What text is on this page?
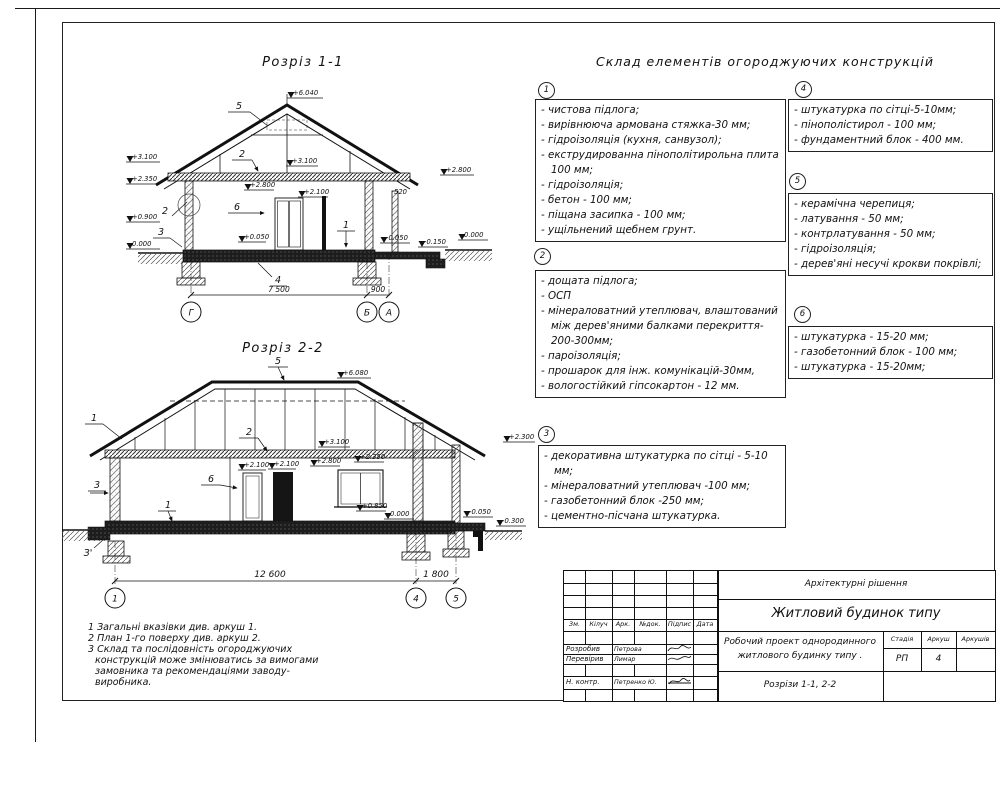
Розріз 1-1
+6.040
+3.100
+2.350
+0.900
0.000
+2.800
-0.050 -0.150
0.000
+3.100
+2.800
+2.100
+0.050
520
5
2
2
3
6
1
4
7 500	900
Г	Б А
Розріз 2-2
+6.080
+2.300
+3.100
+2.800	+2.350
+2.100 +2.100
+0.850
0.000	-0.050
-0.300
5
1
2
3
6
1
З'
12 600	1 800
1	4	5
Склад елементів огороджуючих конструкцій
1
- чистова підлога;
- вирівнююча армована стяжка-30 мм;
- гідроізоляція (кухня, санвузол);
- екструдированна пінополітирольна плита 100 мм;
- гідроізоляція;
- бетон - 100 мм;
- піщана засипка - 100 мм;
- ущільнений щебнем грунт.
2
- дощата підлога;
- ОСП
- мінераловатний утеплювач, влаштований між дерев'яними балками перекриття- 200-300мм;
- пароізоляція;
- прошарок для інж. комунікацій-30мм,
- вологостійкий гіпсокартон - 12 мм.
3
- декоративна штукатурка по сітці - 5-10 мм;
- мінераловатний утеплювач -100 мм;
- газобетонний блок -250 мм;
- цементно-пісчана штукатурка.
4
- штукатурка по сітці-5-10мм;
- пінополістирол - 100 мм;
- фундаментний блок - 400 мм.
5
- керамічна черепиця;
- латування - 50 мм;
- контрлатування - 50 мм;
- гідроізоляція;
- дерев'яні несучі крокви покрівлі;
6
- штукатурка - 15-20 мм;
- газобетонний блок - 100 мм;
- штукатурка - 15-20мм;
1 Загальні вказівки див. аркуш 1.
2 План 1-го поверху див. аркуш 2.
3 Склад та послідовність огороджуючих конструкцій може змінюватись за вимогами замовника та рекомендаціями заводу-виробника.
Зм.	Кілуч	Арк.	№док.	Підпис Дата
Розробив Петрова
Перевірив Лимар
Н. контр. Петренко Ю.
Архітектурні рішення
Житловий будинок типу
Робочий проект однородинного
житлового будинку типу .
Розрізи 1-1, 2-2
Стадія	Аркуш	Аркушів
РП	4
